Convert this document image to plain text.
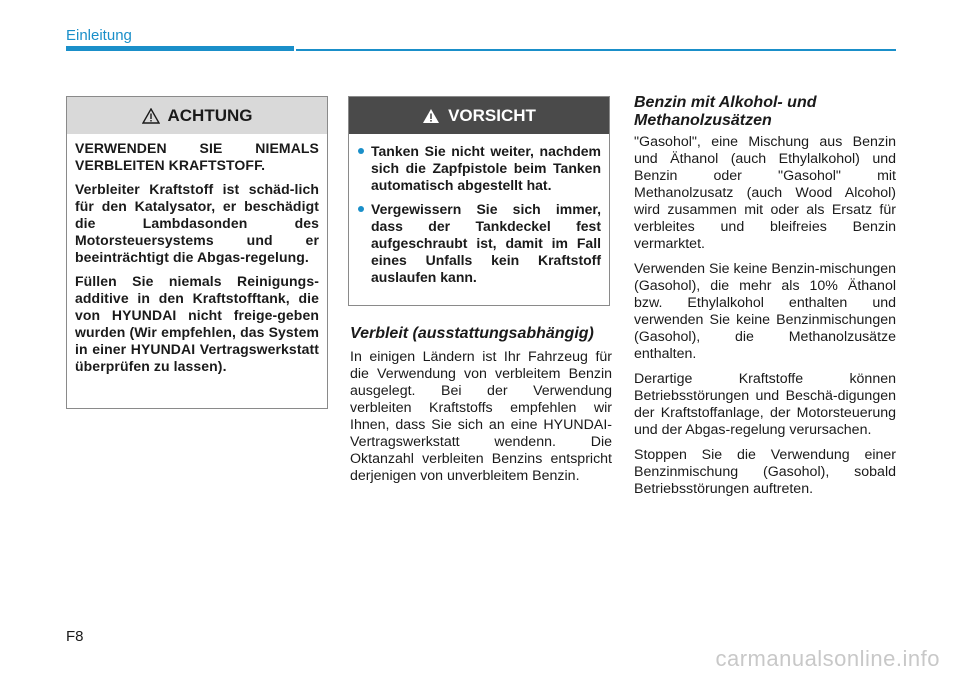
Einleitung
ACHTUNG

VERWENDEN SIE NIEMALS VERBLEITEN KRAFTSTOFF.

Verbleiter Kraftstoff ist schäd-lich für den Katalysator, er beschädigt die Lambdasonden des Motorsteuersystems und er beeinträchtigt die Abgas-regelung.

Füllen Sie niemals Reinigungs-additive in den Kraftstofftank, die von HYUNDAI nicht freige-geben wurden (Wir empfehlen, das System in einer HYUNDAI Vertragswerkstatt überprüfen zu lassen).

VORSICHT
Tanken Sie nicht weiter, nachdem sich die Zapfpistole beim Tanken automatisch abgestellt hat.
Vergewissern Sie sich immer, dass der Tankdeckel fest aufgeschraubt ist, damit im Fall eines Unfalls kein Kraftstoff auslaufen kann.
Verbleit (ausstattungsabhängig)

In einigen Ländern ist Ihr Fahrzeug für die Verwendung von verbleitem Benzin ausgelegt. Bei der Verwendung verbleiten Kraftstoffs empfehlen wir Ihnen, dass Sie sich an eine HYUNDAI-Vertragswerkstatt wendenn. Die Oktanzahl verbleiten Benzins entspricht derjenigen von unverbleitem Benzin.

Benzin mit Alkohol- und Methanolzusätzen

"Gasohol", eine Mischung aus Benzin und Äthanol (auch Ethylalkohol) und Benzin oder "Gasohol" mit Methanolzusatz (auch Wood Alcohol) wird zusammen mit oder als Ersatz für verbleites und bleifreies Benzin vermarktet.

Verwenden Sie keine Benzin-mischungen (Gasohol), die mehr als 10% Äthanol bzw. Ethylalkohol enthalten und verwenden Sie keine Benzinmischungen (Gasohol), die Methanolzusätze enthalten.

Derartige Kraftstoffe können Betriebsstörungen und Beschä-digungen der Kraftstoffanlage, der Motorsteuerung und der Abgas-regelung verursachen.

Stoppen Sie die Verwendung einer Benzinmischung (Gasohol), sobald Betriebsstörungen auftreten.

F8
carmanualsonline.info
